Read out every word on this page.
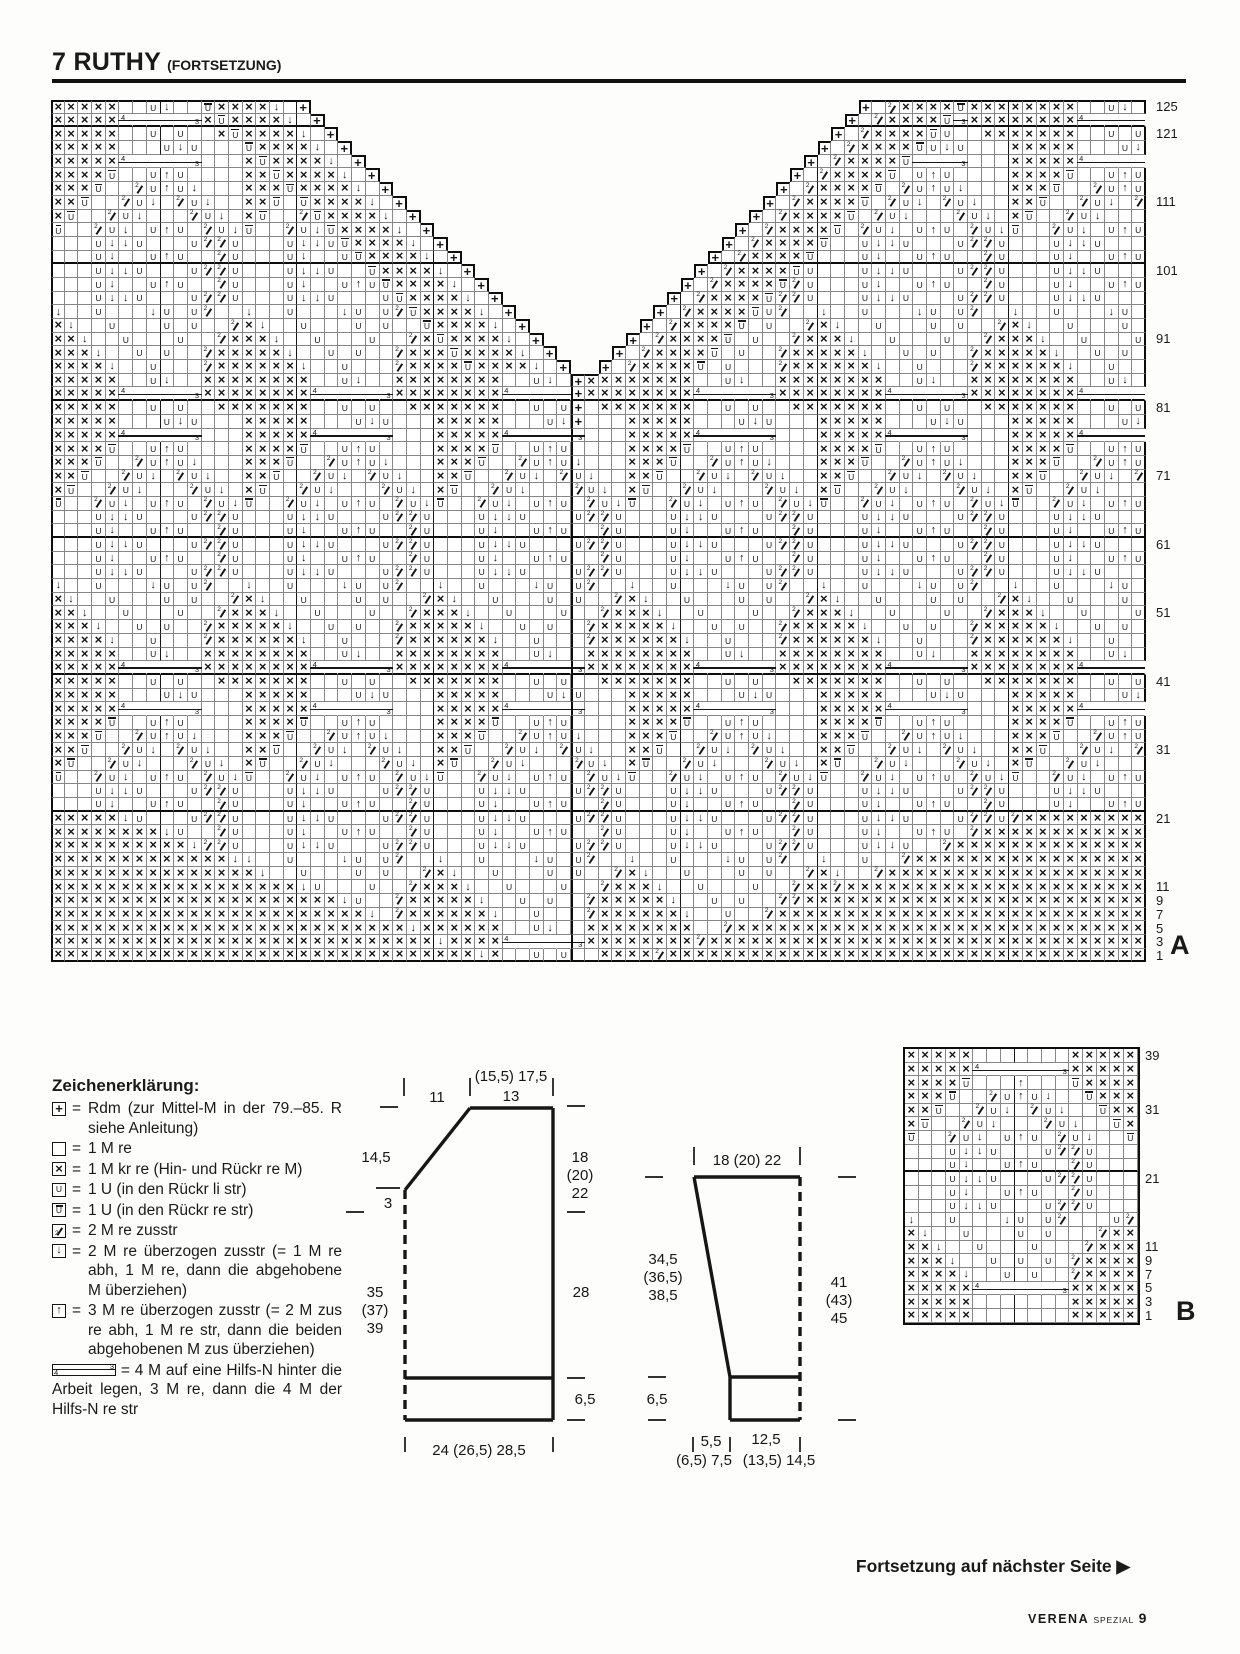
7 RUTHY (FORTSETZUNG)
×
×
×
×
×
U
↓
U
×
×
×
×
↓
+
+
2
×
×
×
×
U
×
×
×
×
×
×
×
×
U
↓
×
×
×
×
×
4
3
×
U
×
×
×
×
↓
+
+
2
×
×
×
×
U
3
×
×
×
×
×
×
×
×
4
×
×
×
×
×
U
U
×
U
×
×
×
×
↓
+
+
2
×
×
×
×
U
U
×
×
×
×
×
×
×
U
U
×
×
×
×
×
U
↓
U
U
×
×
×
×
↓
+
+
2
×
×
×
×
U
U
↓
U
×
×
×
×
×
U
↓
×
×
×
×
×
4
3
×
U
×
×
×
×
↓
+
+
2
×
×
×
×
U
3
×
×
×
×
×
4
×
×
×
×
U
U
↑
U
×
×
U
×
×
×
×
↓
+
+
2
×
×
×
×
U
U
↑
U
×
×
×
×
U
U
↑
U
×
×
×
U
2
U
↑
U
↓
×
×
×
U
×
×
×
×
↓
+
+
2
×
×
×
×
U
2
U
↑
U
↓
×
×
×
U
2
U
↑
U
×
×
U
2
U
↓
2
U
↓
×
×
U
U
×
×
×
×
↓
+
+
2
×
×
×
×
U
2
U
↓
2
U
↓
×
×
U
2
U
↓
2
×
U
2
U
↓
2
U
↓
×
U
2
U
×
×
×
×
↓
+
+
2
×
×
×
×
U
2
U
↓
2
U
↓
×
U
2
U
↓
U
2
U
↓
U
↑
U
2
U
↓
U
2
U
↓
U
×
×
×
×
↓
+
+
2
×
×
×
×
U
2
U
↓
U
↑
U
2
U
↓
U
2
U
↓
U
↑
U
U
↓
↓
U
U
2
2
U
U
↓
↓
U
U
×
×
×
×
↓
+
+
2
×
×
×
×
U
U
↓
↓
U
U
2
2
U
U
↓
↓
U
U
↓
U
↑
U
2
U
U
↓
U
U
×
×
×
×
↓
+
+
2
×
×
×
×
U
U
↓
U
↑
U
2
U
U
↓
U
↑
U
U
↓
↓
U
U
2
2
U
U
↓
↓
U
U
×
×
×
×
↓
+
+
2
×
×
×
×
U
U
U
↓
↓
U
U
2
2
U
U
↓
↓
U
U
↓
U
↑
U
2
U
U
↓
U
↑
U
U
×
×
×
×
↓
+
+
2
×
×
×
×
U
2
U
U
↓
U
↑
U
2
U
U
↓
U
↑
U
U
↓
↓
U
U
2
2
U
U
↓
↓
U
U
U
×
×
×
×
↓
+
+
2
×
×
×
×
U
2
2
U
U
↓
↓
U
U
2
2
U
U
↓
↓
U
↓
U
↓
U
U
2
↓
U
↓
U
U
2
U
×
×
×
×
↓
+
+
2
×
×
×
×
U
U
2
↓
U
↓
U
U
2
↓
U
↓
U
×
↓
U
U
U
2
×
↓
U
U
U
U
×
×
×
×
↓
+
+
2
×
×
×
×
U
U
2
×
↓
U
U
U
2
×
↓
U
U
×
×
↓
U
U
2
×
×
×
↓
U
U
2
×
U
×
×
×
×
↓
+
+
2
×
×
×
×
U
U
2
×
×
×
↓
U
U
2
×
×
×
↓
U
U
×
×
×
↓
U
U
2
×
×
×
×
×
↓
U
U
2
×
×
×
U
×
×
×
×
↓
+
+
2
×
×
×
×
U
U
2
×
×
×
×
×
↓
U
U
2
×
×
×
×
×
↓
U
U
×
×
×
×
↓
U
2
×
×
×
×
×
×
↓
U
2
×
×
×
×
U
×
×
×
×
↓
+
+
2
×
×
×
×
U
U
2
×
×
×
×
×
×
↓
U
2
×
×
×
×
×
×
↓
U
×
×
×
×
×
U
↓
×
×
×
×
×
×
×
×
U
↓
×
×
×
×
×
×
×
×
U
↓
+
×
×
×
×
×
×
×
×
U
↓
×
×
×
×
×
×
×
×
U
↓
×
×
×
×
×
×
×
×
U
↓
×
×
×
×
×
4
3
×
×
×
×
×
×
×
×
4
3
×
×
×
×
×
×
×
×
4
+
×
×
×
×
×
×
×
×
4
3
×
×
×
×
×
×
×
×
4
3
×
×
×
×
×
×
×
×
4
×
×
×
×
×
U
U
×
×
×
×
×
×
×
U
U
×
×
×
×
×
×
×
U
U
+
×
×
×
×
×
×
×
U
U
×
×
×
×
×
×
×
U
U
×
×
×
×
×
×
×
U
U
×
×
×
×
×
U
↓
U
×
×
×
×
×
U
↓
U
×
×
×
×
×
U
↓
+
×
×
×
×
×
U
↓
U
×
×
×
×
×
U
↓
U
×
×
×
×
×
U
↓
×
×
×
×
×
4
3
×
×
×
×
×
4
3
×
×
×
×
×
4
3
×
×
×
×
×
4
3
×
×
×
×
×
4
3
×
×
×
×
×
4
×
×
×
×
U
U
↑
U
×
×
×
×
U
U
↑
U
×
×
×
×
U
U
↑
U
×
×
×
×
U
U
↑
U
×
×
×
×
U
U
↑
U
×
×
×
×
U
U
↑
U
×
×
×
U
2
U
↑
U
↓
×
×
×
U
2
U
↑
U
↓
×
×
×
U
2
U
↑
U
↓
×
×
×
U
2
U
↑
U
↓
×
×
×
U
2
U
↑
U
↓
×
×
×
U
2
U
↑
U
×
×
U
2
U
↓
2
U
↓
×
×
U
2
U
↓
2
U
↓
×
×
U
2
U
↓
2
U
↓
×
×
U
2
U
↓
2
U
↓
×
×
U
2
U
↓
2
U
↓
×
×
U
2
U
↓
2
×
U
2
U
↓
2
U
↓
×
U
2
U
↓
2
U
↓
×
U
2
U
↓
2
U
↓
×
U
2
U
↓
2
U
↓
×
U
2
U
↓
2
U
↓
×
U
2
U
↓
U
2
U
↓
U
↑
U
2
U
↓
U
2
U
↓
U
↑
U
2
U
↓
U
2
U
↓
U
↑
U
2
U
↓
U
2
U
↓
U
↑
U
2
U
↓
U
2
U
↓
U
↑
U
2
U
↓
U
2
U
↓
U
↑
U
U
↓
↓
U
U
2
2
U
U
↓
↓
U
U
2
2
U
U
↓
↓
U
U
2
2
U
U
↓
↓
U
U
2
2
U
U
↓
↓
U
U
2
2
U
U
↓
↓
U
U
↓
U
↑
U
2
U
U
↓
U
↑
U
2
U
U
↓
U
↑
U
2
U
U
↓
U
↑
U
2
U
U
↓
U
↑
U
2
U
U
↓
U
↑
U
U
↓
↓
U
U
2
2
U
U
↓
↓
U
U
2
2
U
U
↓
↓
U
U
2
2
U
U
↓
↓
U
U
2
2
U
U
↓
↓
U
U
2
2
U
U
↓
↓
U
U
↓
U
↑
U
2
U
U
↓
U
↑
U
2
U
U
↓
U
↑
U
2
U
U
↓
U
↑
U
2
U
U
↓
U
↑
U
2
U
U
↓
U
↑
U
U
↓
↓
U
U
2
2
U
U
↓
↓
U
U
2
2
U
U
↓
↓
U
U
2
2
U
U
↓
↓
U
U
2
2
U
U
↓
↓
U
U
2
2
U
U
↓
↓
U
↓
U
↓
U
U
2
↓
U
↓
U
U
2
↓
U
↓
U
U
2
↓
U
↓
U
U
2
↓
U
↓
U
U
2
↓
U
↓
U
×
↓
U
U
U
2
×
↓
U
U
U
2
×
↓
U
U
U
2
×
↓
U
U
U
2
×
↓
U
U
U
2
×
↓
U
U
×
×
↓
U
U
2
×
×
×
↓
U
U
2
×
×
×
↓
U
U
2
×
×
×
↓
U
U
2
×
×
×
↓
U
U
2
×
×
×
↓
U
U
×
×
×
↓
U
U
2
×
×
×
×
×
↓
U
U
2
×
×
×
×
×
↓
U
U
2
×
×
×
×
×
↓
U
U
2
×
×
×
×
×
↓
U
U
2
×
×
×
×
×
↓
U
U
×
×
×
×
↓
U
2
×
×
×
×
×
×
↓
U
2
×
×
×
×
×
×
↓
U
2
×
×
×
×
×
×
↓
U
2
×
×
×
×
×
×
↓
U
2
×
×
×
×
×
×
↓
U
×
×
×
×
×
U
↓
×
×
×
×
×
×
×
×
U
↓
×
×
×
×
×
×
×
×
U
↓
×
×
×
×
×
×
×
×
U
↓
×
×
×
×
×
×
×
×
U
↓
×
×
×
×
×
×
×
×
U
↓
×
×
×
×
×
4
3
×
×
×
×
×
×
×
×
4
3
×
×
×
×
×
×
×
×
4
3
×
×
×
×
×
×
×
×
4
3
×
×
×
×
×
×
×
×
4
3
×
×
×
×
×
×
×
×
4
×
×
×
×
×
U
U
×
×
×
×
×
×
×
U
U
×
×
×
×
×
×
×
U
U
×
×
×
×
×
×
×
U
U
×
×
×
×
×
×
×
U
U
×
×
×
×
×
×
×
U
U
×
×
×
×
×
U
↓
U
×
×
×
×
×
U
↓
U
×
×
×
×
×
U
↓
U
×
×
×
×
×
U
↓
U
×
×
×
×
×
U
↓
U
×
×
×
×
×
U
↓
×
×
×
×
×
4
3
×
×
×
×
×
4
3
×
×
×
×
×
4
3
×
×
×
×
×
4
3
×
×
×
×
×
4
3
×
×
×
×
×
4
×
×
×
×
U
U
↑
U
×
×
×
×
U
U
↑
U
×
×
×
×
U
U
↑
U
×
×
×
×
U
U
↑
U
×
×
×
×
U
U
↑
U
×
×
×
×
U
U
↑
U
×
×
×
U
2
U
↑
U
↓
×
×
×
U
2
U
↑
U
↓
×
×
×
U
2
U
↑
U
↓
×
×
×
U
2
U
↑
U
↓
×
×
×
U
2
U
↑
U
↓
×
×
×
U
2
U
↑
U
×
×
U
2
U
↓
2
U
↓
×
×
U
2
U
↓
2
U
↓
×
×
U
2
U
↓
2
U
↓
×
×
U
2
U
↓
2
U
↓
×
×
U
2
U
↓
2
U
↓
×
×
U
2
U
↓
2
×
U
2
U
↓
2
U
↓
×
U
2
U
↓
2
U
↓
×
U
2
U
↓
2
U
↓
×
U
2
U
↓
2
U
↓
×
U
2
U
↓
2
U
↓
×
U
2
U
↓
U
2
U
↓
U
↑
U
2
U
↓
U
2
U
↓
U
↑
U
2
U
↓
U
2
U
↓
U
↑
U
2
U
↓
U
2
U
↓
U
↑
U
2
U
↓
U
2
U
↓
U
↑
U
2
U
↓
U
2
U
↓
U
↑
U
U
↓
↓
U
U
2
2
U
U
↓
↓
U
U
2
2
U
U
↓
↓
U
U
2
2
U
U
↓
↓
U
U
2
2
U
U
↓
↓
U
U
2
2
U
U
↓
↓
U
U
↓
U
↑
U
2
U
U
↓
U
↑
U
2
U
U
↓
U
↑
U
2
U
U
↓
U
↑
U
2
U
U
↓
U
↑
U
2
U
U
↓
U
↑
U
×
×
×
×
×
↓
U
U
2
2
U
U
↓
↓
U
U
2
2
U
U
↓
↓
U
U
2
2
U
U
↓
↓
U
U
2
2
U
U
↓
↓
U
U
2
2
U
2
×
×
×
×
×
×
×
×
×
×
×
×
×
×
×
×
×
↓
U
2
U
U
↓
U
↑
U
2
U
U
↓
U
↑
U
2
U
U
↓
U
↑
U
2
U
U
↓
U
↑
U
2
×
×
×
×
×
×
×
×
×
×
×
×
×
×
×
×
×
×
×
×
×
×
↓
2
2
U
U
↓
↓
U
U
2
2
U
U
↓
↓
U
U
2
2
U
U
↓
↓
U
U
2
2
U
U
↓
↓
U
2
×
×
×
×
×
×
×
×
×
×
×
×
×
×
×
×
×
×
×
×
×
×
×
×
×
×
×
↓
↓
U
↓
U
U
2
↓
U
↓
U
U
2
↓
U
↓
U
U
2
↓
U
2
×
×
×
×
×
×
×
×
×
×
×
×
×
×
×
×
×
×
×
×
×
×
×
×
×
×
×
×
×
×
×
×
↓
U
U
U
2
×
↓
U
U
U
2
×
↓
U
U
U
2
×
↓
2
×
×
×
×
×
×
×
×
×
×
×
×
×
×
×
×
×
×
×
×
×
×
×
×
×
×
×
×
×
×
×
×
×
×
×
×
×
↓
U
U
2
×
×
×
↓
U
U
2
×
×
×
↓
U
U
2
×
×
2
×
×
×
×
×
×
×
×
×
×
×
×
×
×
×
×
×
×
×
×
×
×
×
×
×
×
×
×
×
×
×
×
×
×
×
×
×
×
×
×
×
×
×
↓
U
2
×
×
×
×
×
↓
U
U
2
×
×
×
×
×
↓
U
U
2
2
×
×
×
×
×
×
×
×
×
×
×
×
×
×
×
×
×
×
×
×
×
×
×
×
×
×
×
×
×
×
×
×
×
×
×
×
×
×
×
×
×
×
×
×
×
×
×
×
↓
2
×
×
×
×
×
×
↓
U
2
×
×
×
×
×
×
↓
U
2
×
×
×
×
×
×
×
×
×
×
×
×
×
×
×
×
×
×
×
×
×
×
×
×
×
×
×
×
×
×
×
×
×
×
×
×
×
×
×
×
×
×
×
×
×
×
×
×
×
×
×
×
×
↓
×
×
×
×
×
×
U
↓
×
×
×
×
×
×
×
×
2
×
×
×
×
×
×
×
×
×
×
×
×
×
×
×
×
×
×
×
×
×
×
×
×
×
×
×
×
×
×
×
×
×
×
×
×
×
×
×
×
×
×
×
×
×
×
×
×
×
×
×
×
×
×
×
×
×
×
↓
×
×
×
×
4
3
×
×
×
×
×
×
×
×
2
×
×
×
×
×
×
×
×
×
×
×
×
×
×
×
×
×
×
×
×
×
×
×
×
×
×
×
×
×
×
×
×
×
×
×
×
×
×
×
×
×
×
×
×
×
×
×
×
×
×
×
×
×
×
×
×
×
×
×
×
×
×
×
↓
×
U
U
×
×
×
×
2
×
×
×
×
×
×
×
×
×
×
×
×
×
×
×
×
×
×
×
×
×
×
×
×
×
×
×
×
×
×
×
×
×
×
×
125
121
111
101
91
81
71
61
51
41
31
21
11
9
7
5
3
1 A
×
×
×
×
×
×
×
×
×
×
×
×
×
×
×
4
3
×
×
×
×
×
×
×
×
×
U
↑
U
×
×
×
×
×
×
×
U
2
U
↑
U
↓
U
×
×
×
×
×
U
2
U
↓
2
U
↓
U
×
×
×
U
2
U
↓
2
U
↓
U
×
U
2
U
↓
U
↑
U
2
U
↓
U
U
↓
↓
U
U
2
2
U
U
↓
U
↑
U
2
U
U
↓
↓
U
U
2
2
U
U
↓
U
↑
U
2
U
U
↓
↓
U
U
2
2
U
↓
U
↓
U
U
2
U
2
×
↓
U
U
U
2
×
×
×
×
↓
U
U
2
×
×
×
×
×
×
↓
U
U
U
2
×
×
×
×
×
×
×
×
↓
U
U
2
×
×
×
×
×
×
×
×
×
4
3
×
×
×
×
×
×
×
×
×
×
×
×
×
×
×
×
×
×
×
×
×
×
×
×
×
39
31
21
11
9
7
5
3
1 B
Zeichenerklärung:
+
= Rdm (zur Mittel-M in der 79.–85. R siehe Anleitung)
= 1 M re
×
= 1 M kr re (Hin- und Rückr re M)
U
= 1 U (in den Rückr li str)
U
= 1 U (in den Rückr re str)
2
= 2 M re zusstr
↓
= 2 M re überzogen zusstr (= 1 M re abh, 1 M re, dann die abgehobene M überziehen)
↑
= 3 M re überzogen zusstr (= 2 M zus re abh, 1 M re str, dann die beiden abgehobenen M zus überziehen)
4 3 = 4 M auf eine Hilfs-N hinter die Arbeit legen, 3 M re, dann die 4 M der Hilfs-N re str
11
(15,5) 17,5
13
14,5
3
35
(37)
39
18
(20)
22
28
6,5
24 (26,5) 28,5
18 (20) 22
34,5
(36,5)
38,5
41
(43)
45
6,5
5,5 12,5
(6,5) 7,5 (13,5) 14,5
Fortsetzung auf nächster Seite ▶
VERENA SPEZIAL 9
